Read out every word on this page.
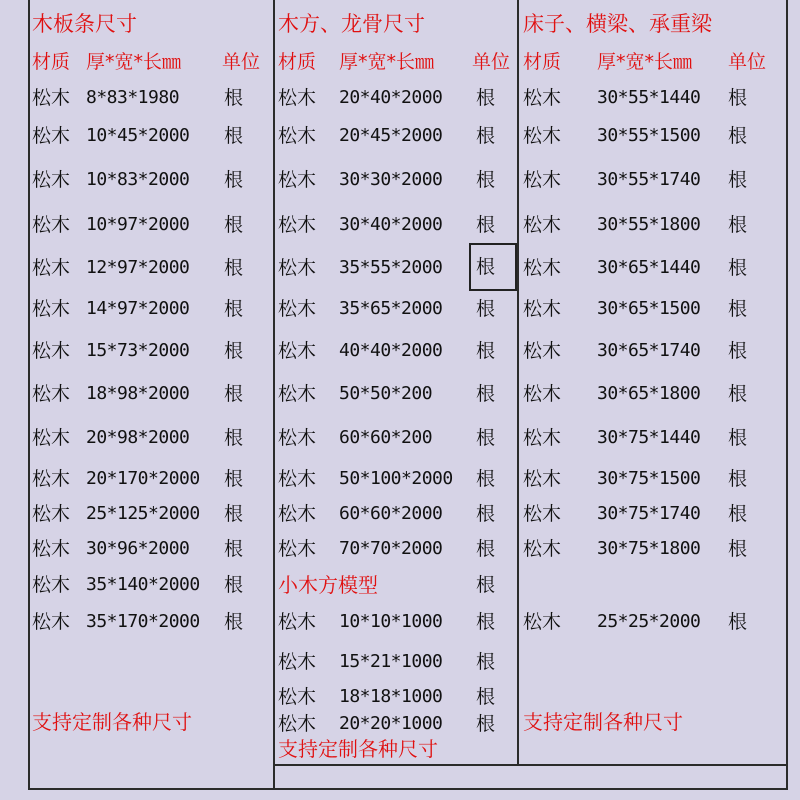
木板条尺寸
材质 厚*宽*长㎜ 单位
松木 8*83*1980	根
松木 10*45*2000	根
松木 10*83*2000	根
松木 10*97*2000	根
松木 12*97*2000	根
松木 14*97*2000	根
松木 15*73*2000	根
松木 18*98*2000	根
松木 20*98*2000	根
松木 20*170*2000	根
松木 25*125*2000	根
松木 30*96*2000	根
松木 35*140*2000	根
松木 35*170*2000	根
支持定制各种尺寸
木方、龙骨尺寸
材质 厚*宽*长㎜ 单位
松木 20*40*2000	根
松木 20*45*2000	根
松木 30*30*2000	根
松木 30*40*2000	根
松木 35*55*2000	根
松木 35*65*2000	根
松木 40*40*2000	根
松木 50*50*200	根
松木 60*60*200	根
松木 50*100*2000	根
松木 60*60*2000	根
松木 70*70*2000	根
小木方模型	根
松木 10*10*1000	根
松木 15*21*1000	根
松木 18*18*1000	根
松木 20*20*1000	根
支持定制各种尺寸
床子、横梁、承重梁
材质 厚*宽*长㎜ 单位
松木 30*55*1440	根
松木 30*55*1500	根
松木 30*55*1740	根
松木 30*55*1800	根
松木 30*65*1440	根
松木 30*65*1500	根
松木 30*65*1740	根
松木 30*65*1800	根
松木 30*75*1440	根
松木 30*75*1500	根
松木 30*75*1740	根
松木 30*75*1800	根
松木 25*25*2000	根
支持定制各种尺寸
